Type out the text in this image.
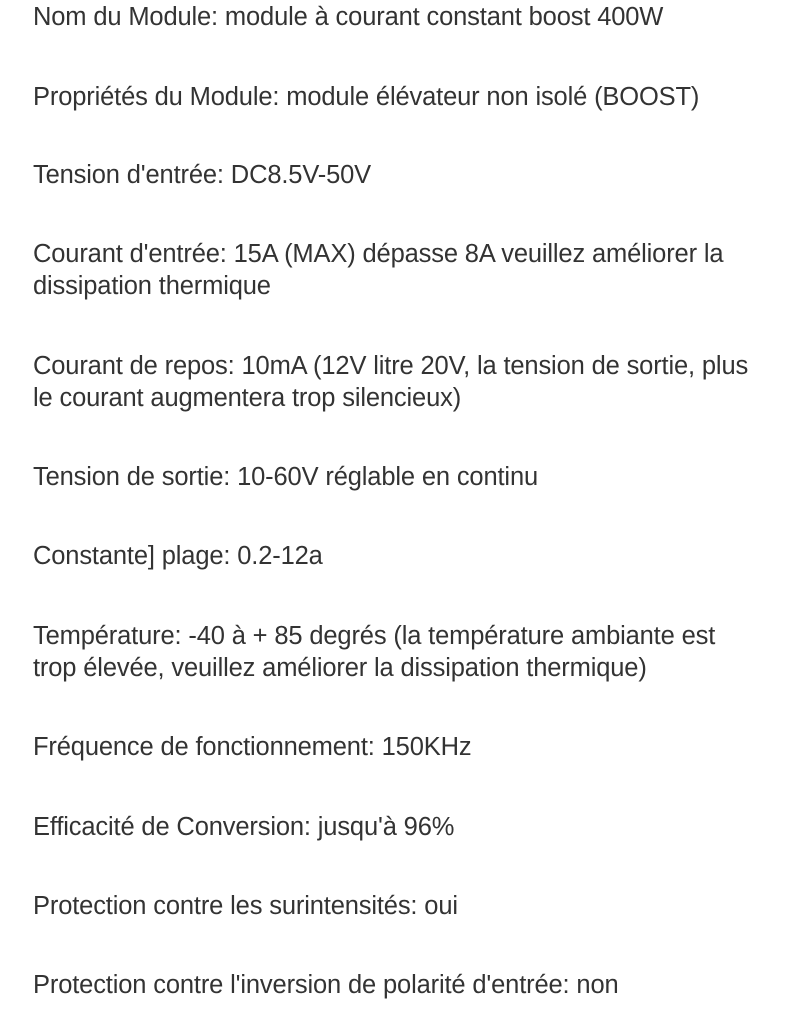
Nom du Module: module à courant constant boost 400W

Propriétés du Module: module élévateur non isolé (BOOST)

Tension d'entrée: DC8.5V-50V

Courant d'entrée: 15A (MAX) dépasse 8A veuillez améliorer la dissipation thermique

Courant de repos: 10mA (12V litre 20V, la tension de sortie, plus le courant augmentera trop silencieux)

Tension de sortie: 10-60V réglable en continu

Constante] plage: 0.2-12a

Température: -40 à + 85 degrés (la température ambiante est trop élevée, veuillez améliorer la dissipation thermique)

Fréquence de fonctionnement: 150KHz

Efficacité de Conversion: jusqu'à 96%

Protection contre les surintensités: oui

Protection contre l'inversion de polarité d'entrée: non
